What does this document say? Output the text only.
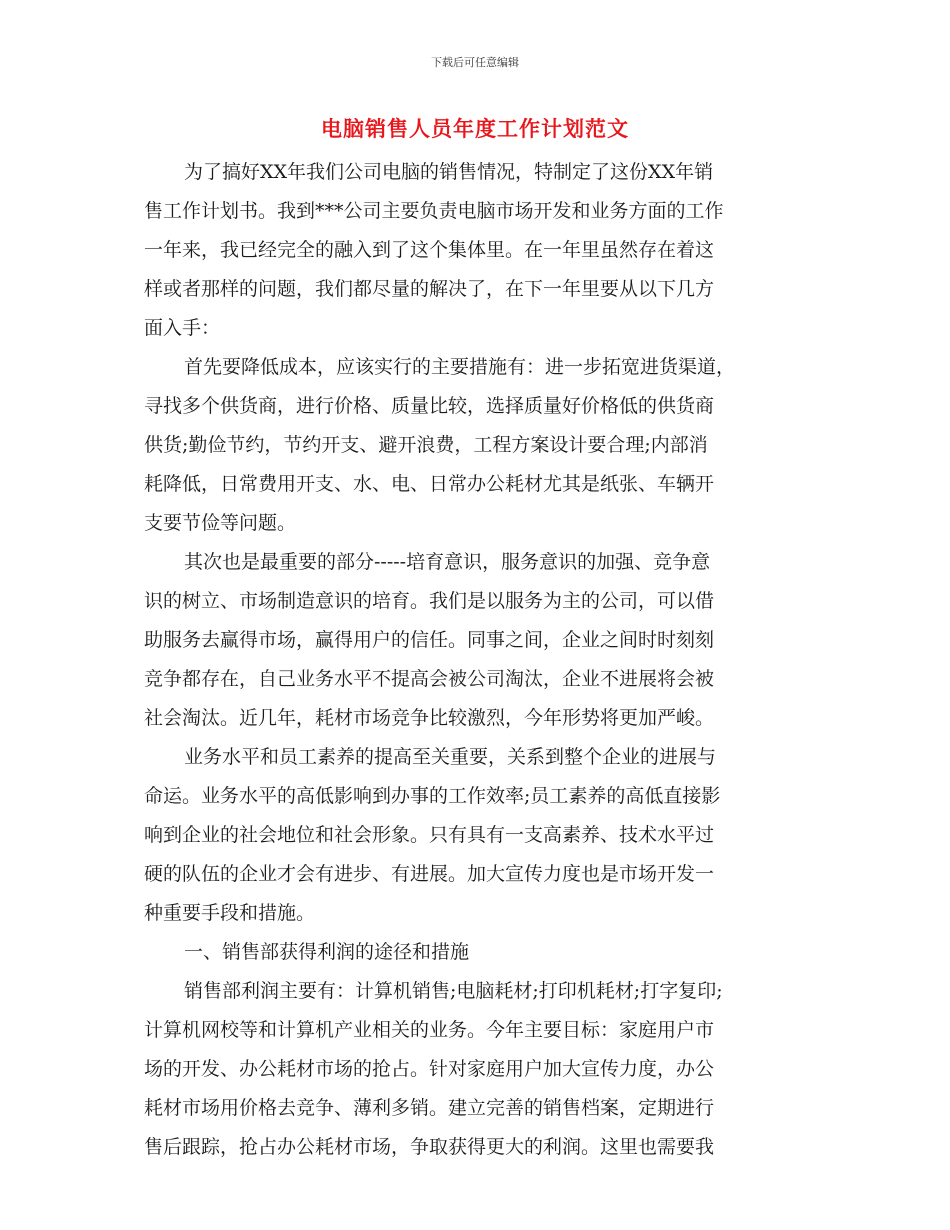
下载后可任意编辑
电脑销售人员年度工作计划范文
为了搞好XX年我们公司电脑的销售情况，特制定了这份XX年销
售工作计划书。我到***公司主要负责电脑市场开发和业务方面的工作
一年来，我已经完全的融入到了这个集体里。在一年里虽然存在着这
样或者那样的问题，我们都尽量的解决了，在下一年里要从以下几方
面入手：
首先要降低成本，应该实行的主要措施有：进一步拓宽进货渠道，
寻找多个供货商，进行价格、质量比较，选择质量好价格低的供货商
供货;勤俭节约，节约开支、避开浪费，工程方案设计要合理;内部消
耗降低，日常费用开支、水、电、日常办公耗材尤其是纸张、车辆开
支要节俭等问题。
其次也是最重要的部分-----培育意识，服务意识的加强、竞争意
识的树立、市场制造意识的培育。我们是以服务为主的公司，可以借
助服务去赢得市场，赢得用户的信任。同事之间，企业之间时时刻刻
竞争都存在，自己业务水平不提高会被公司淘汰，企业不进展将会被
社会淘汰。近几年，耗材市场竞争比较激烈，今年形势将更加严峻。
业务水平和员工素养的提高至关重要，关系到整个企业的进展与
命运。业务水平的高低影响到办事的工作效率;员工素养的高低直接影
响到企业的社会地位和社会形象。只有具有一支高素养、技术水平过
硬的队伍的企业才会有进步、有进展。加大宣传力度也是市场开发一
种重要手段和措施。
一、销售部获得利润的途径和措施
销售部利润主要有：计算机销售;电脑耗材;打印机耗材;打字复印;
计算机网校等和计算机产业相关的业务。今年主要目标：家庭用户市
场的开发、办公耗材市场的抢占。针对家庭用户加大宣传力度，办公
耗材市场用价格去竞争、薄利多销。建立完善的销售档案，定期进行
售后跟踪，抢占办公耗材市场，争取获得更大的利润。这里也需要我
